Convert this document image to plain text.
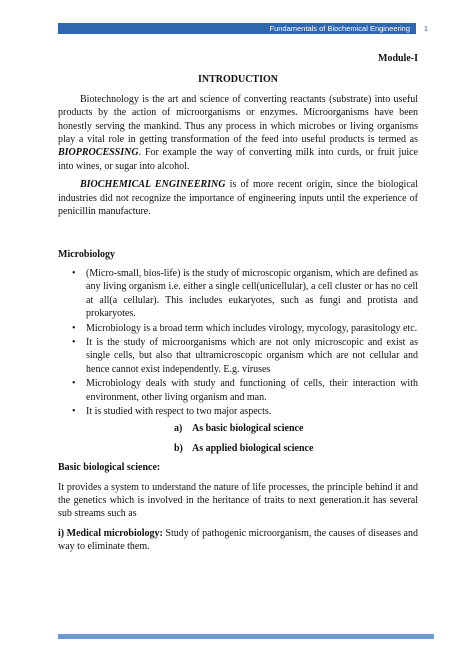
Fundamentals of Biochemical Engineering	1
Module-I
INTRODUCTION

Biotechnology is the art and science of converting reactants (substrate) into useful products by the action of microorganisms or enzymes. Microorganisms have been honestly serving the mankind. Thus any process in which microbes or living organisms play a vital role in getting transformation of the feed into useful products is termed as BIOPROCESSING. For example the way of converting milk into curds, or fruit juice into wines, or sugar into alcohol.

BIOCHEMICAL ENGINEERING is of more recent origin, since the biological industries did not recognize the importance of engineering inputs until the experience of penicillin manufacture.

Microbiology
• (Micro-small, bios-life) is the study of microscopic organism, which are defined as any living organism i.e. either a single cell(unicellular), a cell cluster or has no cell at all(a cellular). This includes eukaryotes, such as fungi and protista and prokaryotes.
• Microbiology is a broad term which includes virology, mycology, parasitology etc.
• It is the study of microorganisms which are not only microscopic and exist as single cells, but also that ultramicroscopic organism which are not cellular and hence cannot exist independently. E.g. viruses
• Microbiology deals with study and functioning of cells, their interaction with environment, other living organism and man.
• It is studied with respect to two major aspects.
a) As basic biological science
b) As applied biological science
Basic biological science:

It provides a system to understand the nature of life processes, the principle behind it and the genetics which is involved in the heritance of traits to next generation.it has several sub streams such as

i) Medical microbiology: Study of pathogenic microorganism, the causes of diseases and way to eliminate them.
